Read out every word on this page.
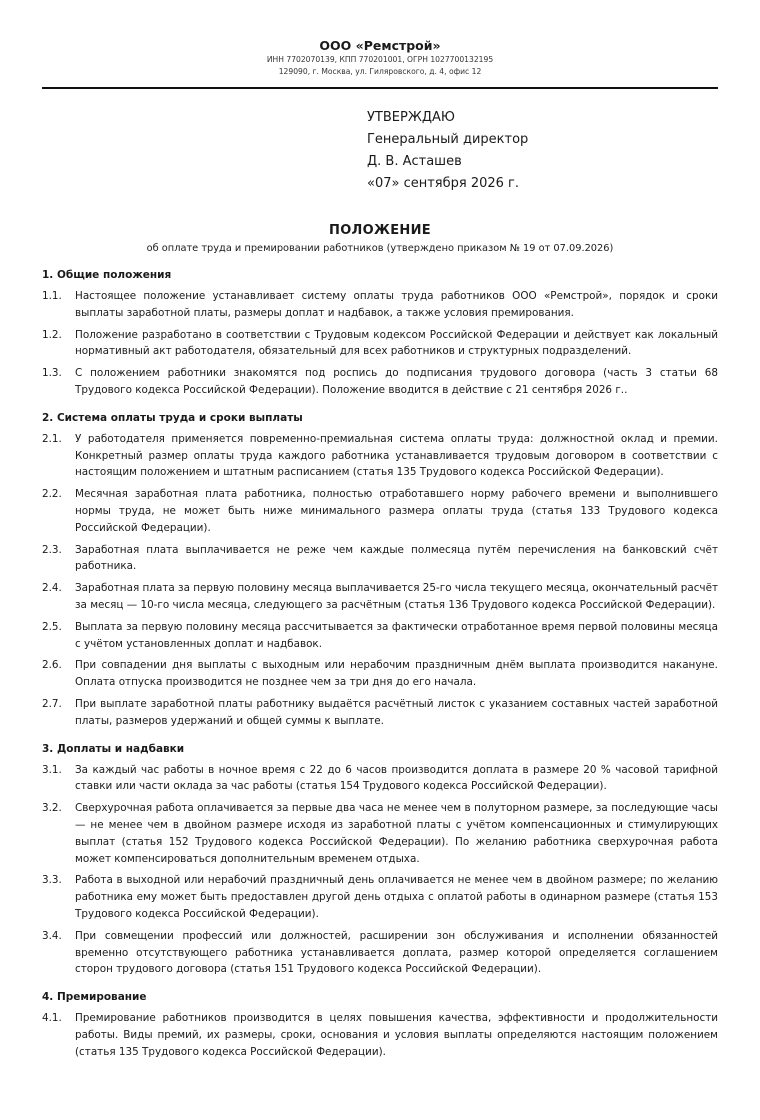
ООО «Ремстрой»
ИНН 7702070139, КПП 770201001, ОГРН 1027700132195
129090, г. Москва, ул. Гиляровского, д. 4, офис 12
УТВЕРЖДАЮ
Генеральный директор
Д. В. Асташев
«07» сентября 2026 г.
ПОЛОЖЕНИЕ
об оплате труда и премировании работников (утверждено приказом № 19 от 07.09.2026)
1. Общие положения
1.1.	Настоящее положение устанавливает систему оплаты труда работников ООО «Ремстрой», порядок и сроки выплаты заработной платы, размеры доплат и надбавок, а также условия премирования.
1.2.	Положение разработано в соответствии с Трудовым кодексом Российской Федерации и действует как локальный нормативный акт работодателя, обязательный для всех работников и структурных подразделений.
1.3.	С положением работники знакомятся под роспись до подписания трудового договора (часть 3 статьи 68 Трудового кодекса Российской Федерации). Положение вводится в действие с 21 сентября 2026 г..
2. Система оплаты труда и сроки выплаты
2.1.	У работодателя применяется повременно-премиальная система оплаты труда: должностной оклад и премии. Конкретный размер оплаты труда каждого работника устанавливается трудовым договором в соответствии с настоящим положением и штатным расписанием (статья 135 Трудового кодекса Российской Федерации).
2.2.	Месячная заработная плата работника, полностью отработавшего норму рабочего времени и выполнившего нормы труда, не может быть ниже минимального размера оплаты труда (статья 133 Трудового кодекса Российской Федерации).
2.3.	Заработная плата выплачивается не реже чем каждые полмесяца путём перечисления на банковский счёт работника.
2.4.	Заработная плата за первую половину месяца выплачивается 25-го числа текущего месяца, окончательный расчёт за месяц — 10-го числа месяца, следующего за расчётным (статья 136 Трудового кодекса Российской Федерации).
2.5.	Выплата за первую половину месяца рассчитывается за фактически отработанное время первой половины месяца с учётом установленных доплат и надбавок.
2.6.	При совпадении дня выплаты с выходным или нерабочим праздничным днём выплата производится накануне. Оплата отпуска производится не позднее чем за три дня до его начала.
2.7.	При выплате заработной платы работнику выдаётся расчётный листок с указанием составных частей заработной платы, размеров удержаний и общей суммы к выплате.
3. Доплаты и надбавки
3.1.	За каждый час работы в ночное время с 22 до 6 часов производится доплата в размере 20 % часовой тарифной ставки или части оклада за час работы (статья 154 Трудового кодекса Российской Федерации).
3.2.	Сверхурочная работа оплачивается за первые два часа не менее чем в полуторном размере, за последующие часы — не менее чем в двойном размере исходя из заработной платы с учётом компенсационных и стимулирующих выплат (статья 152 Трудового кодекса Российской Федерации). По желанию работника сверхурочная работа может компенсироваться дополнительным временем отдыха.
3.3.	Работа в выходной или нерабочий праздничный день оплачивается не менее чем в двойном размере; по желанию работника ему может быть предоставлен другой день отдыха с оплатой работы в одинарном размере (статья 153 Трудового кодекса Российской Федерации).
3.4.	При совмещении профессий или должностей, расширении зон обслуживания и исполнении обязанностей временно отсутствующего работника устанавливается доплата, размер которой определяется соглашением сторон трудового договора (статья 151 Трудового кодекса Российской Федерации).
4. Премирование
4.1.	Премирование работников производится в целях повышения качества, эффективности и продолжительности работы. Виды премий, их размеры, сроки, основания и условия выплаты определяются настоящим положением (статья 135 Трудового кодекса Российской Федерации).
